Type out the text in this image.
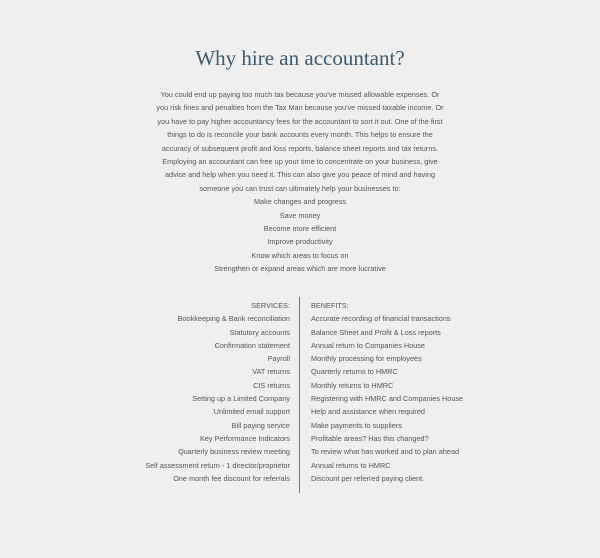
Why hire an accountant?

You could end up paying too much tax because you've missed allowable expenses. Or
you risk fines and penalties from the Tax Man because you've missed taxable income. Or
you have to pay higher accountancy fees for the accountant to sort it out. One of the first
things to do is reconcile your bank accounts every month. This helps to ensure the
accuracy of subsequent profit and loss reports, balance sheet reports and tax returns.
Employing an accountant can free up your time to concentrate on your business, give
advice and help when you need it. This can also give you peace of mind and having
someone you can trust can ultimately help your businesses to:

Make changes and progress
Save money
Become more efficient
Improve productivity
Know which areas to focus on
Strengthen or expand areas which are more lucrative
SERVICES:
Bookkeeping & Bank reconciliation
Statutory accounts
Confirmation statement
Payroll
VAT returns
CIS returns
Setting up a Limited Company
Unlimited email support
Bill paying service
Key Performance Indicators
Quarterly business review meeting
Self assessment return - 1 director/proprietor
One month fee discount for referrals
BENEFITS:
Accurate recording of financial transactions
Balance Sheet and Profit & Loss reports
Annual return to Companies House
Monthly processing for employees
Quarterly returns to HMRC
Monthly returns to HMRC
Registering with HMRC and Companies House
Help and assistance when required
Make payments to suppliers
Profitable areas? Has this changed?
To review what has worked and to plan ahead
Annual returns to HMRC
Discount per referred paying client.
